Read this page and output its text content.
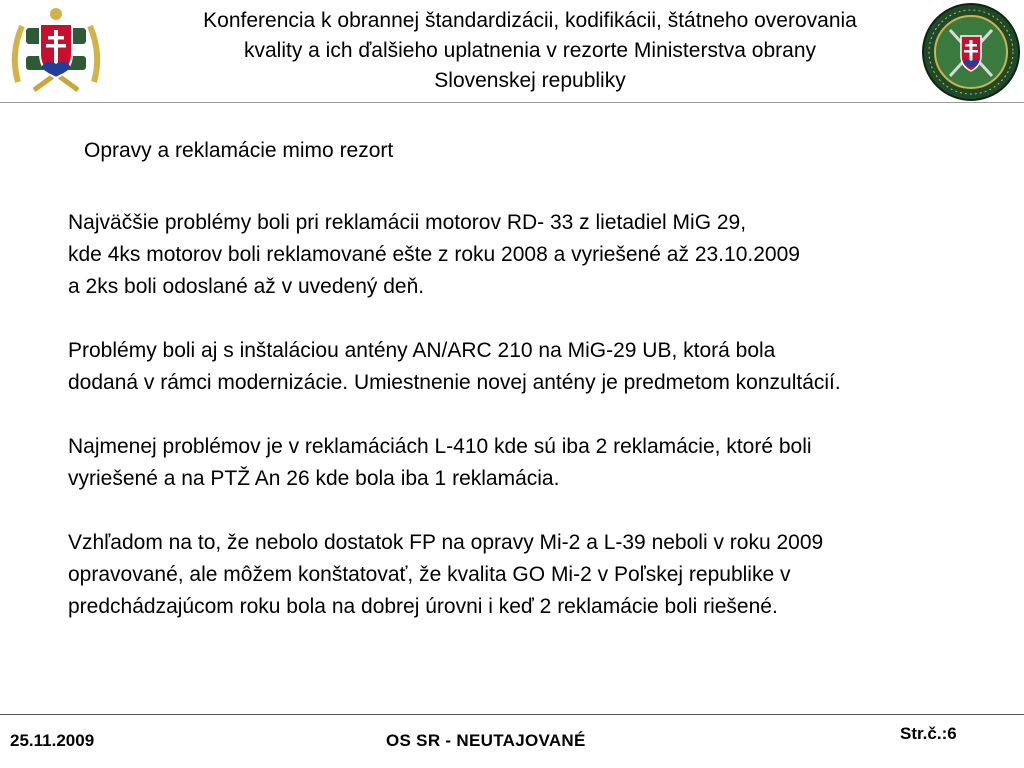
Konferencia k obrannej štandardizácii, kodifikácii, štátneho overovania
kvality a ich ďalšieho uplatnenia v rezorte Ministerstva obrany
Slovenskej republiky
Opravy a reklamácie mimo rezort
Najväčšie problémy boli pri reklamácii motorov RD- 33 z lietadiel MiG 29,
kde 4ks motorov boli reklamované ešte z roku 2008 a vyriešené až 23.10.2009
a 2ks boli odoslané až v uvedený deň.
Problémy boli aj s inštaláciou antény AN/ARC 210 na MiG-29 UB, ktorá bola
dodaná v rámci modernizácie. Umiestnenie novej antény je predmetom konzultácií.
Najmenej problémov je v reklamáciách L-410 kde sú iba 2 reklamácie, ktoré boli
vyriešené a na PTŽ An 26 kde bola iba 1 reklamácia.
Vzhľadom na to, že nebolo dostatok FP na opravy Mi-2 a L-39 neboli v roku 2009
opravované, ale môžem konštatovať, že kvalita GO Mi-2 v Poľskej republike v
predchádzajúcom roku bola na dobrej úrovni i keď 2 reklamácie boli riešené.
25.11.2009	OS SR - NEUTAJOVANÉ	Str.č.:6
